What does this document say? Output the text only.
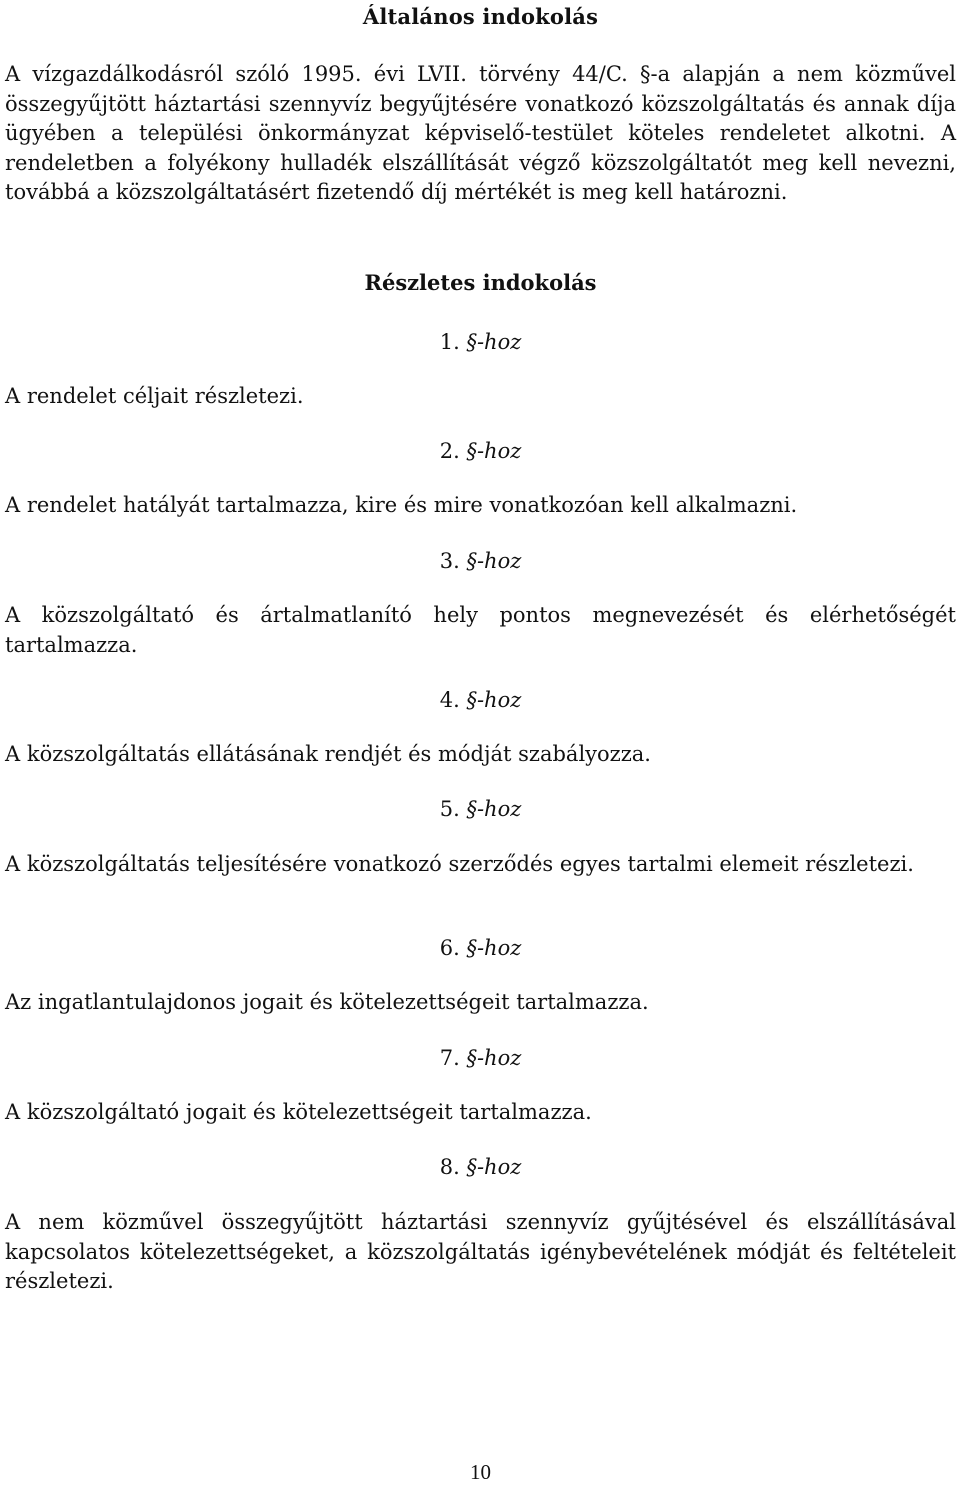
Általános indokolás

A vízgazdálkodásról szóló 1995. évi LVII. törvény 44/C. §-a alapján a nem közművel összegyűjtött háztartási szennyvíz begyűjtésére vonatkozó közszolgáltatás és annak díja ügyében a települési önkormányzat képviselő-testület köteles rendeletet alkotni. A rendeletben a folyékony hulladék elszállítását végző közszolgáltatót meg kell nevezni, továbbá a közszolgáltatásért fizetendő díj mértékét is meg kell határozni.

Részletes indokolás
1. §-hoz

A rendelet céljait részletezi.

2. §-hoz

A rendelet hatályát tartalmazza, kire és mire vonatkozóan kell alkalmazni.

3. §-hoz

A közszolgáltató és ártalmatlanító hely pontos megnevezését és elérhetőségét tartalmazza.

4. §-hoz

A közszolgáltatás ellátásának rendjét és módját szabályozza.

5. §-hoz

A közszolgáltatás teljesítésére vonatkozó szerződés egyes tartalmi elemeit részletezi.

6. §-hoz

Az ingatlantulajdonos jogait és kötelezettségeit tartalmazza.

7. §-hoz

A közszolgáltató jogait és kötelezettségeit tartalmazza.

8. §-hoz

A nem közművel összegyűjtött háztartási szennyvíz gyűjtésével és elszállításával kapcsolatos kötelezettségeket, a közszolgáltatás igénybevételének módját és feltételeit részletezi.

10
